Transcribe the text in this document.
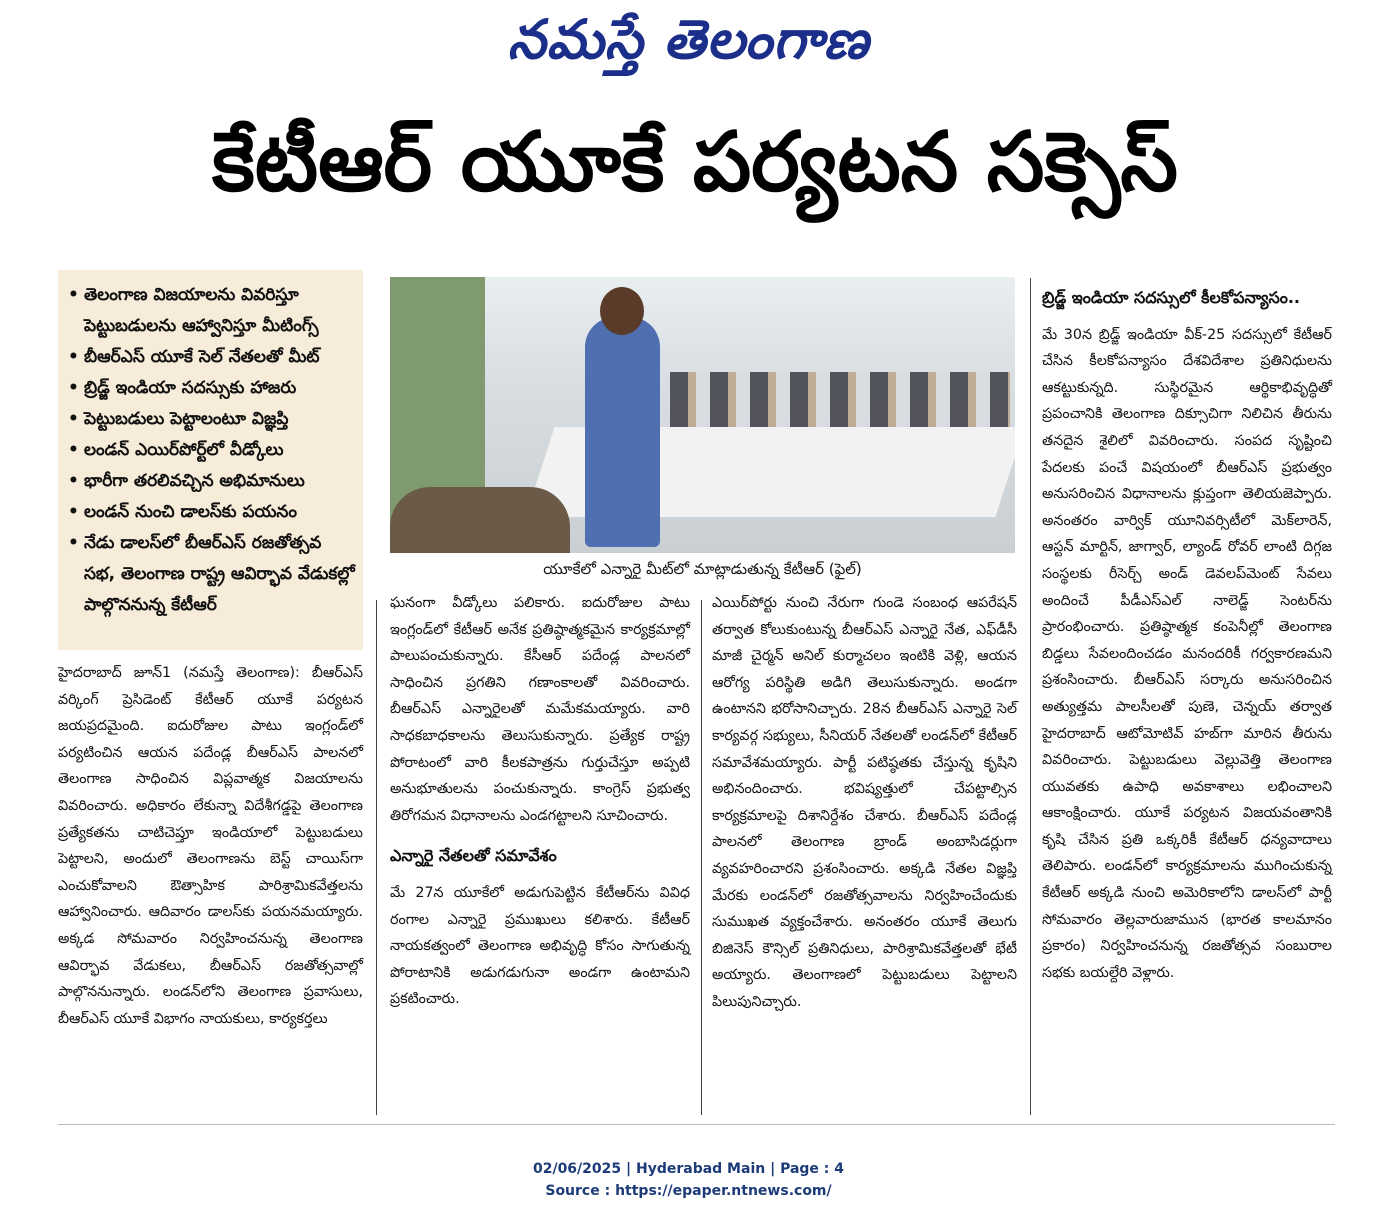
నమస్తే తెలంగాణ
కేటీఆర్ యూకే పర్యటన సక్సెస్
• తెలంగాణ విజయాలను వివరిస్తూ పెట్టుబడులను ఆహ్వానిస్తూ మీటింగ్స్
• బీఆర్ఎస్ యూకే సెల్ నేతలతో మీట్
• బ్రిడ్జ్ ఇండియా సదస్సుకు హాజరు
• పెట్టుబడులు పెట్టాలంటూ విజ్ఞప్తి
• లండన్ ఎయిర్‌పోర్ట్‌లో వీడ్కోలు
• భారీగా తరలివచ్చిన అభిమానులు
• లండన్ నుంచి డాలస్‌కు పయనం
• నేడు డాలస్‌లో బీఆర్ఎస్ రజతోత్సవ సభ, తెలంగాణ రాష్ట్ర ఆవిర్భావ వేడుకల్లో పాల్గొననున్న కేటీఆర్
యూకేలో ఎన్నారై మీట్‌లో మాట్లాడుతున్న కేటీఆర్ (ఫైల్)

హైదరాబాద్ జూన్1 (నమస్తే తెలంగాణ): బీఆర్ఎస్ వర్కింగ్ ప్రెసిడెంట్ కేటీఆర్ యూకే పర్యటన జయప్రదమైంది. ఐదురోజుల పాటు ఇంగ్లండ్‌లో పర్యటించిన ఆయన పదేండ్ల బీఆర్ఎస్ పాలనలో తెలంగాణ సాధించిన విప్లవాత్మక విజయాలను వివరించారు. అధికారం లేకున్నా విదేశీగడ్డపై తెలంగాణ ప్రత్యేకతను చాటిచెప్తూ ఇండియాలో పెట్టుబడులు పెట్టాలని, అందులో తెలంగాణను బెస్ట్ చాయిస్‌గా ఎంచుకోవాలని ఔత్సాహిక పారిశ్రామికవేత్తలను ఆహ్వానించారు. ఆదివారం డాలస్‌కు పయనమయ్యారు. అక్కడ సోమవారం నిర్వహించనున్న తెలంగాణ ఆవిర్భావ వేడుకలు, బీఆర్ఎస్ రజతోత్సవాల్లో పాల్గొననున్నారు. లండన్‌లోని తెలంగాణ ప్రవాసులు, బీఆర్ఎస్ యూకే విభాగం నాయకులు, కార్యకర్తలు

ఘనంగా వీడ్కోలు పలికారు. ఐదురోజుల పాటు ఇంగ్లండ్‌లో కేటీఆర్ అనేక ప్రతిష్ఠాత్మకమైన కార్యక్రమాల్లో పాలుపంచుకున్నారు. కేసీఆర్ పదేండ్ల పాలనలో సాధించిన ప్రగతిని గణాంకాలతో వివరించారు. బీఆర్ఎస్ ఎన్నారైలతో మమేకమయ్యారు. వారి సాధకబాధకాలను తెలుసుకున్నారు. ప్రత్యేక రాష్ట్ర పోరాటంలో వారి కీలకపాత్రను గుర్తుచేస్తూ అప్పటి అనుభూతులను పంచుకున్నారు. కాంగ్రెస్ ప్రభుత్వ తిరోగమన విధానాలను ఎండగట్టాలని సూచించారు.

ఎన్నారై నేతలతో సమావేశం

మే 27న యూకేలో అడుగుపెట్టిన కేటీఆర్‌ను వివిధ రంగాల ఎన్నారై ప్రముఖులు కలిశారు. కేటీఆర్ నాయకత్వంలో తెలంగాణ అభివృద్ధి కోసం సాగుతున్న పోరాటానికి అడుగడుగునా అండగా ఉంటామని ప్రకటించారు.

ఎయిర్‌పోర్టు నుంచి నేరుగా గుండె సంబంధ ఆపరేషన్ తర్వాత కోలుకుంటున్న బీఆర్ఎస్ ఎన్నారై నేత, ఎఫ్‌డీసీ మాజీ చైర్మన్ అనిల్ కుర్మాచలం ఇంటికి వెళ్లి, ఆయన ఆరోగ్య పరిస్థితి అడిగి తెలుసుకున్నారు. అండగా ఉంటానని భరోసానిచ్చారు. 28న బీఆర్ఎస్ ఎన్నారై సెల్ కార్యవర్గ సభ్యులు, సీనియర్ నేతలతో లండన్‌లో కేటీఆర్ సమావేశమయ్యారు. పార్టీ పటిష్ఠతకు చేస్తున్న కృషిని అభినందించారు. భవిష్యత్తులో చేపట్టాల్సిన కార్యక్రమాలపై దిశానిర్దేశం చేశారు. బీఆర్ఎస్ పదేండ్ల పాలనలో తెలంగాణ బ్రాండ్ అంబాసిడర్లుగా వ్యవహరించారని ప్రశంసించారు. అక్కడి నేతల విజ్ఞప్తి మేరకు లండన్‌లో రజతోత్సవాలను నిర్వహించేందుకు సుముఖత వ్యక్తంచేశారు. అనంతరం యూకే తెలుగు బిజినెస్ కౌన్సిల్ ప్రతినిధులు, పారిశ్రామికవేత్తలతో భేటీ అయ్యారు. తెలంగాణలో పెట్టుబడులు పెట్టాలని పిలుపునిచ్చారు.

బ్రిడ్జ్ ఇండియా సదస్సులో కీలకోపన్యాసం..

మే 30న బ్రిడ్జ్ ఇండియా వీక్-25 సదస్సులో కేటీఆర్ చేసిన కీలకోపన్యాసం దేశవిదేశాల ప్రతినిధులను ఆకట్టుకున్నది. సుస్థిరమైన ఆర్థికాభివృద్ధితో ప్రపంచానికి తెలంగాణ దిక్సూచిగా నిలిచిన తీరును తనదైన శైలిలో వివరించారు. సంపద సృష్టించి పేదలకు పంచే విషయంలో బీఆర్ఎస్ ప్రభుత్వం అనుసరించిన విధానాలను క్లుప్తంగా తెలియజెప్పారు. అనంతరం వార్విక్ యూనివర్సిటీలో మెక్‌లారెన్, ఆస్టన్ మార్టిన్, జాగ్వార్, ల్యాండ్ రోవర్ లాంటి దిగ్గజ సంస్థలకు రీసెర్చ్ అండ్ డెవలప్‌మెంట్ సేవలు అందించే పీడీఎస్ఎల్ నాలెడ్జ్ సెంటర్‌ను ప్రారంభించారు. ప్రతిష్ఠాత్మక కంపెనీల్లో తెలంగాణ బిడ్డలు సేవలందించడం మనందరికీ గర్వకారణమని ప్రశంసించారు. బీఆర్ఎస్ సర్కారు అనుసరించిన అత్యుత్తమ పాలసీలతో పుణె, చెన్నయ్ తర్వాత హైదరాబాద్ ఆటోమోటివ్ హబ్‌గా మారిన తీరును వివరించారు. పెట్టుబడులు వెల్లువెత్తి తెలంగాణ యువతకు ఉపాధి అవకాశాలు లభించాలని ఆకాంక్షించారు. యూకే పర్యటన విజయవంతానికి కృషి చేసిన ప్రతి ఒక్కరికీ కేటీఆర్ ధన్యవాదాలు తెలిపారు. లండన్‌లో కార్యక్రమాలను ముగించుకున్న కేటీఆర్ అక్కడి నుంచి అమెరికాలోని డాలస్‌లో పార్టీ సోమవారం తెల్లవారుజామున (భారత కాలమానం ప్రకారం) నిర్వహించనున్న రజతోత్సవ సంబురాల సభకు బయల్దేరి వెళ్లారు.

02/06/2025 | Hyderabad Main | Page : 4
Source : https://epaper.ntnews.com/
